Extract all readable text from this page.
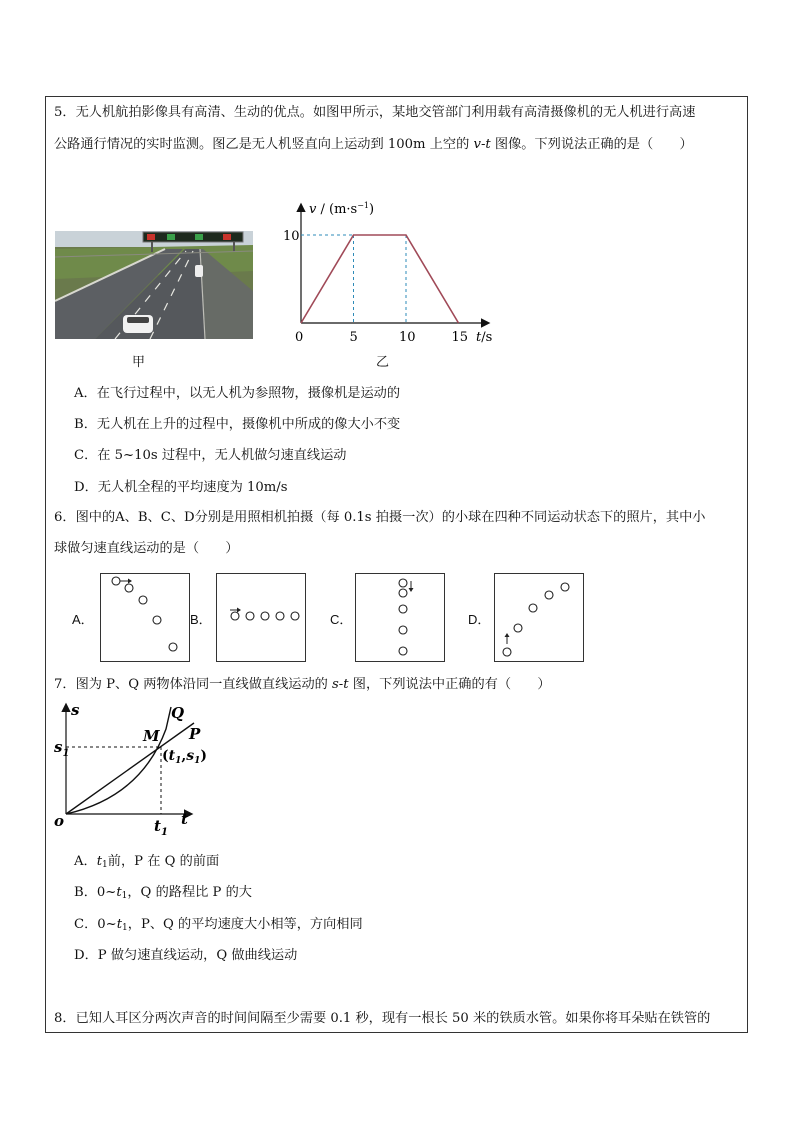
5．无人机航拍影像具有高清、生动的优点。如图甲所示，某地交管部门利用载有高清摄像机的无人机进行高速
公路通行情况的实时监测。图乙是无人机竖直向上运动到 100m 上空的 v-t 图像。下列说法正确的是（　　）
甲
$v / (m\cdot s^{-1})$
t/s
0	5	10	15
10
乙
A．在飞行过程中，以无人机为参照物，摄像机是运动的
B．无人机在上升的过程中，摄像机中所成的像大小不变
C．在 5~10s 过程中，无人机做匀速直线运动
D．无人机全程的平均速度为 10m/s
6．图中的A、B、C、D分别是用照相机拍摄（每 0.1s 拍摄一次）的小球在四种不同运动状态下的照片，其中小
球做匀速直线运动的是（　　）
A．	B．	C．	D．
7．图为 P、Q 两物体沿同一直线做直线运动的 s-t 图，下列说法中正确的有（　　）
s
t
o
Q
P
M
$s_1$
$t_1$
$(t_1,s_1)$
A．$t_1$前，P 在 Q 的前面
B．$0\sim t_1$，Q 的路程比 P 的大
C．$0\sim t_1$，P、Q 的平均速度大小相等，方向相同
D．P 做匀速直线运动，Q 做曲线运动
8．已知人耳区分两次声音的时间间隔至少需要 0.1 秒，现有一根长 50 米的铁质水管。如果你将耳朵贴在铁管的
